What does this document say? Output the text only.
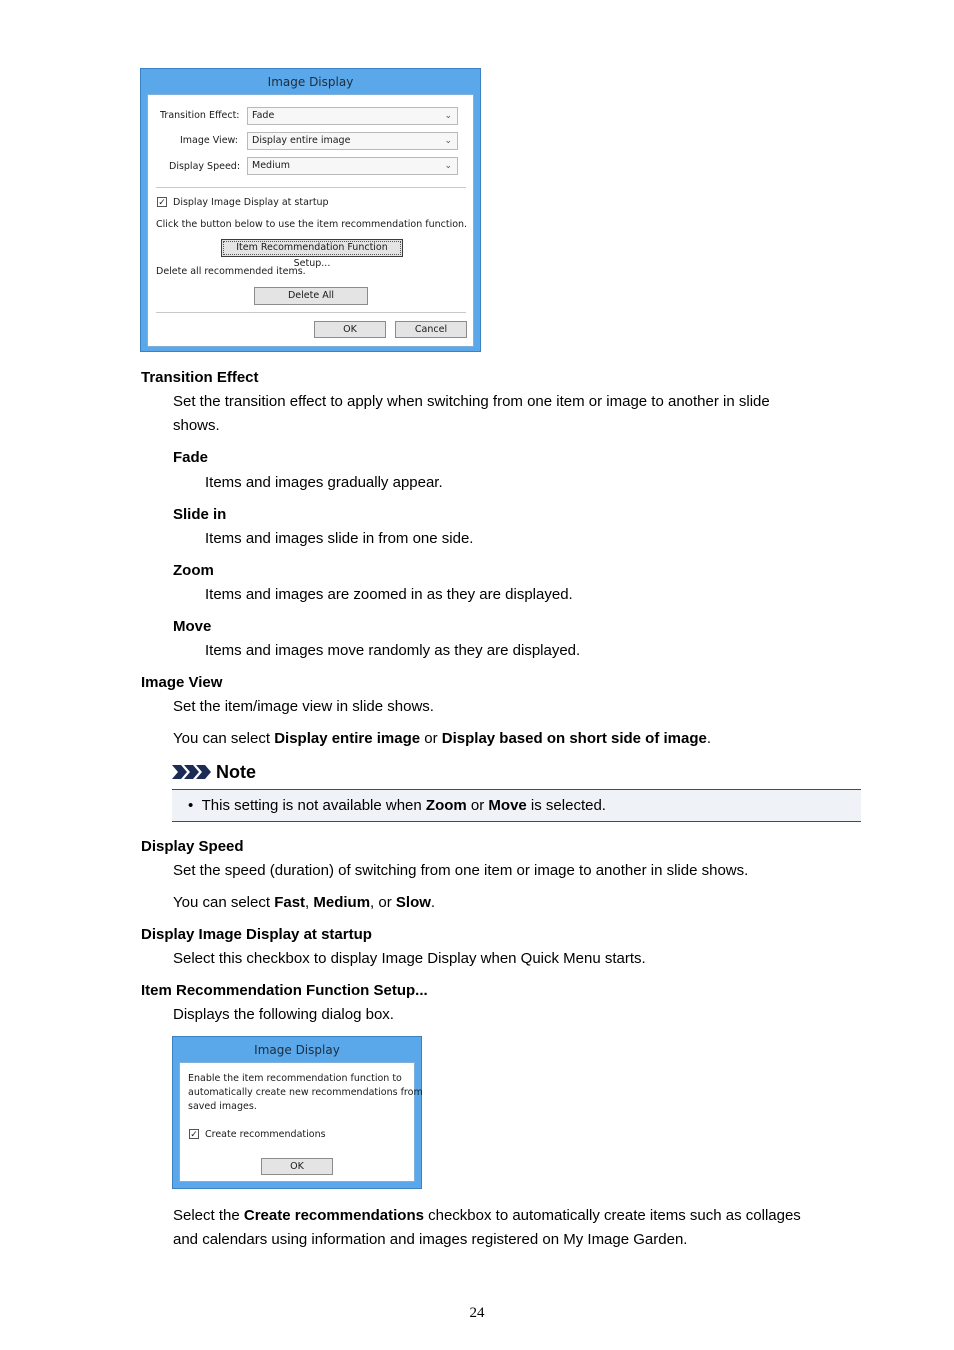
Image Display
Transition Effect:	Fade	⌄
Image View:	Display entire image	⌄
Display Speed:	Medium	⌄
✓ Display Image Display at startup
Click the button below to use the item recommendation function.
Item Recommendation Function Setup...
Delete all recommended items.
Delete All
OK	Cancel
Transition Effect
Set the transition effect to apply when switching from one item or image to another in slide
shows.
Fade
Items and images gradually appear.
Slide in
Items and images slide in from one side.
Zoom
Items and images are zoomed in as they are displayed.
Move
Items and images move randomly as they are displayed.
Image View
Set the item/image view in slide shows.
You can select Display entire image or Display based on short side of image.
Note
• This setting is not available when Zoom or Move is selected.
Display Speed
Set the speed (duration) of switching from one item or image to another in slide shows.
You can select Fast, Medium, or Slow.
Display Image Display at startup
Select this checkbox to display Image Display when Quick Menu starts.
Item Recommendation Function Setup...
Displays the following dialog box.
Image Display
Enable the item recommendation function to
automatically create new recommendations from
saved images.
✓ Create recommendations
OK
Select the Create recommendations checkbox to automatically create items such as collages
and calendars using information and images registered on My Image Garden.
24
